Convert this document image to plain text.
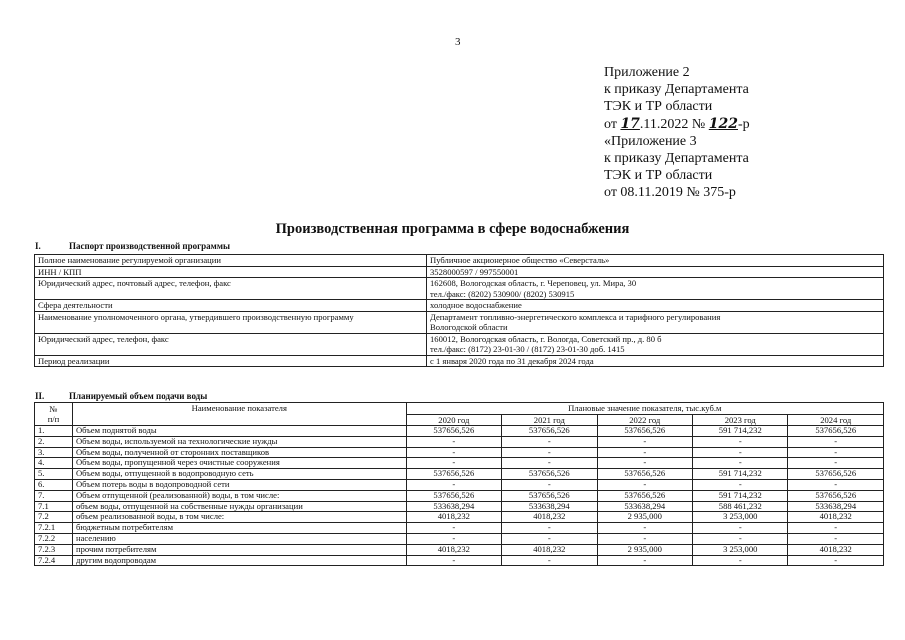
3
Приложение 2
к приказу Департамента
ТЭК и ТР области
от 17.11.2022 № 122-р
«Приложение 3
к приказу Департамента
ТЭК и ТР области
от 08.11.2019 № 375-р
Производственная программа в сфере водоснабжения
I.	Паспорт производственной программы
Полное наименование регулируемой организации	Публичное акционерное общество «Северсталь»
ИНН / КПП	3528000597 / 997550001
Юридический адрес, почтовый адрес, телефон, факс	162608, Вологодская область, г. Череповец, ул. Мира, 30
тел./факс: (8202) 530900/ (8202) 530915

Сфера деятельности	холодное водоснабжение
Наименование уполномоченного органа, утвердившего производственную программу	Департамент топливно-энергетического комплекса и тарифного регулирования
Вологодской области

Юридический адрес, телефон, факс	160012, Вологодская область, г. Вологда, Советский пр., д. 80 б
тел./факс: (8172) 23-01-30 / (8172) 23-01-30 доб. 1415

Период реализации	с 1 января 2020 года по 31 декабря 2024 года
II.	Планируемый объем подачи воды
№
п/п	Наименование показателя	Плановые значение показателя, тыс.куб.м				
		2020 год	2021 год	2022 год	2023 год	2024 год
1.	Объем поднятой воды	537656,526	537656,526	537656,526	591 714,232	537656,526
2.	Объем воды, используемой на технологические нужды	-	-	-	-	-
3.	Объем воды, полученной от сторонних поставщиков	-	-	-	-	-
4.	Объем воды, пропущенной через очистные сооружения	-	-	-	-	-
5.	Объем воды, отпущенной в водопроводную сеть	537656,526	537656,526	537656,526	591 714,232	537656,526
6.	Объем потерь воды в водопроводной сети	-	-	-	-	-
7.	Объем отпущенной (реализованной) воды, в том числе:	537656,526	537656,526	537656,526	591 714,232	537656,526
7.1	объем воды, отпущенной на собственные нужды организации	533638,294	533638,294	533638,294	588 461,232	533638,294
7.2	объем реализованной воды, в том числе:	4018,232	4018,232	2 935,000	3 253,000	4018,232
7.2.1	бюджетным потребителям	-	-	-	-	-
7.2.2	населению	-	-	-	-	-
7.2.3	прочим потребителям	4018,232	4018,232	2 935,000	3 253,000	4018,232
7.2.4	другим водопроводам	-	-	-	-	-
